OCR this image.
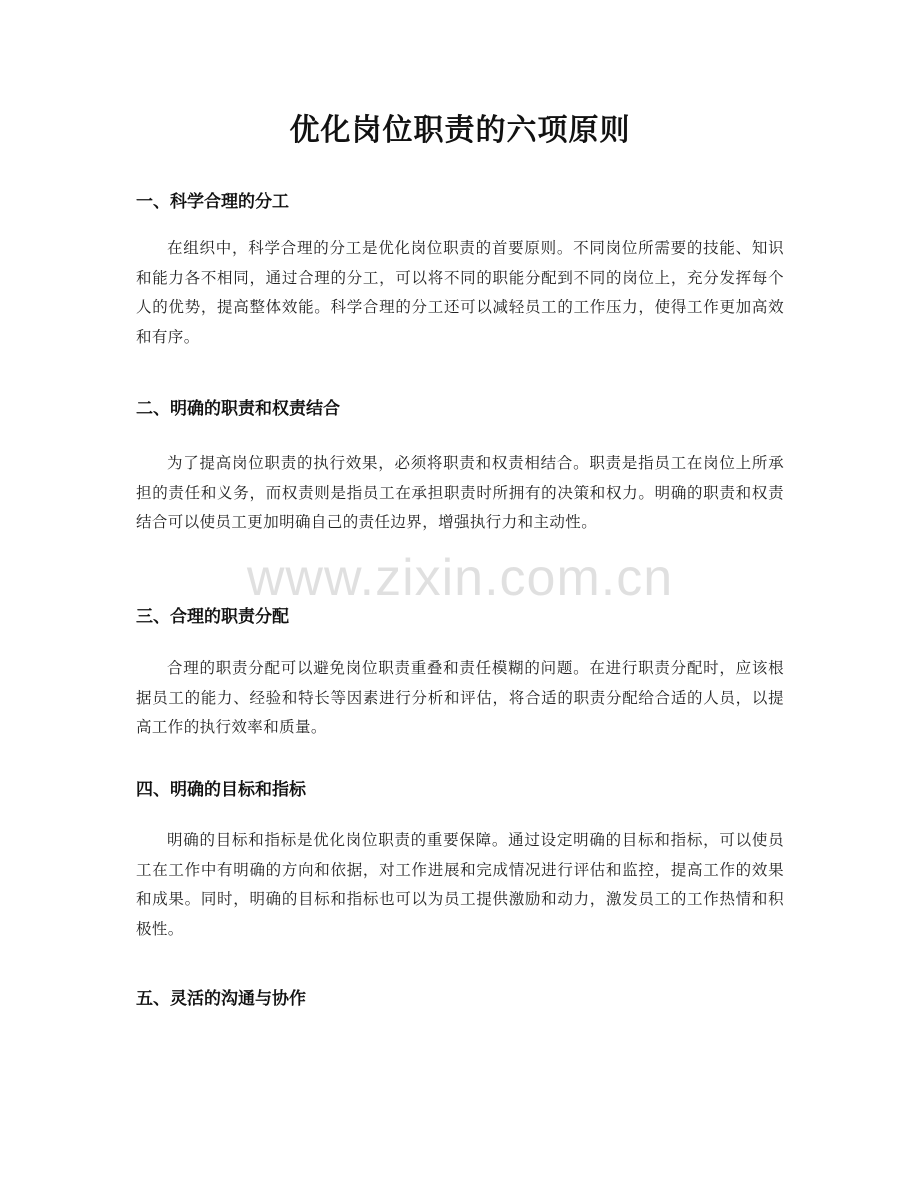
优化岗位职责的六项原则
一、科学合理的分工

在组织中，科学合理的分工是优化岗位职责的首要原则。不同岗位所需要的技能、知识和能力各不相同，通过合理的分工，可以将不同的职能分配到不同的岗位上，充分发挥每个人的优势，提高整体效能。科学合理的分工还可以减轻员工的工作压力，使得工作更加高效和有序。

二、明确的职责和权责结合

为了提高岗位职责的执行效果，必须将职责和权责相结合。职责是指员工在岗位上所承担的责任和义务，而权责则是指员工在承担职责时所拥有的决策和权力。明确的职责和权责结合可以使员工更加明确自己的责任边界，增强执行力和主动性。

三、合理的职责分配

合理的职责分配可以避免岗位职责重叠和责任模糊的问题。在进行职责分配时，应该根据员工的能力、经验和特长等因素进行分析和评估，将合适的职责分配给合适的人员，以提高工作的执行效率和质量。

四、明确的目标和指标

明确的目标和指标是优化岗位职责的重要保障。通过设定明确的目标和指标，可以使员工在工作中有明确的方向和依据，对工作进展和完成情况进行评估和监控，提高工作的效果和成果。同时，明确的目标和指标也可以为员工提供激励和动力，激发员工的工作热情和积极性。

五、灵活的沟通与协作
www.zixin.com.cn
